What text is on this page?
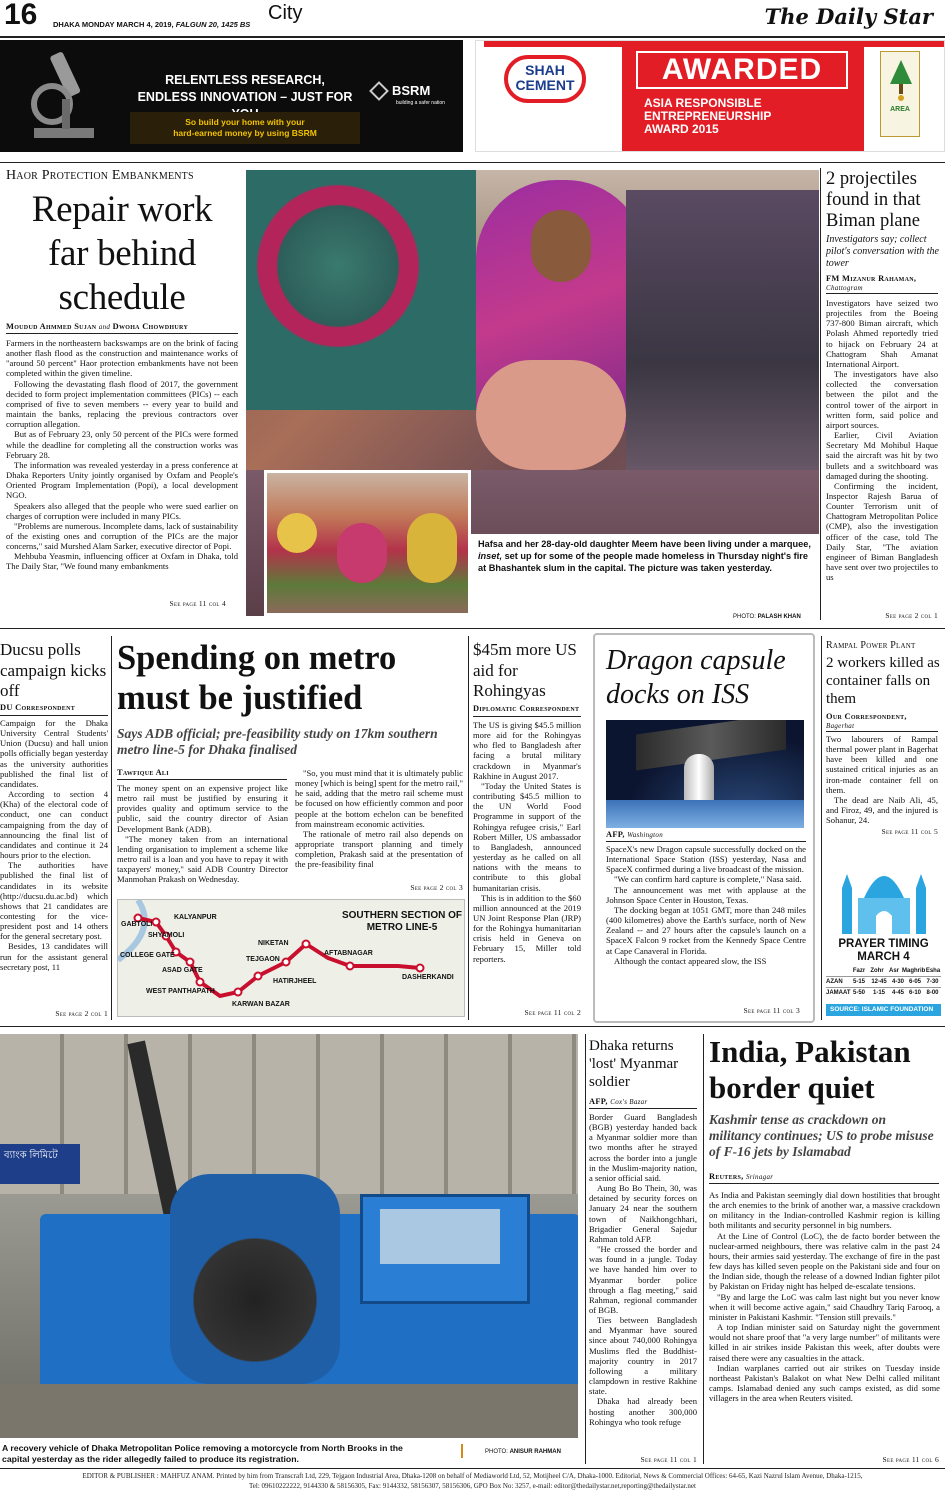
16 DHAKA MONDAY MARCH 4, 2019, FALGUN 20, 1425 BS
City	The Daily Star
RELENTLESS RESEARCH,
ENDLESS INNOVATION – JUST FOR
So build your home with your
hard-earned money by using BSRM
BSRM
building a safer nation
SHAH
CEMENT	AWARDED
ASIA RESPONSIBLE
ENTREPRENEURSHIP
AWARD 2015
AREA
Haor Protection Embankments
Repair work
far behind
schedule
Moudud Ahmmed Sujan and Dwoha Chowdhury

Farmers in the northeastern backswamps are on the brink of facing another flash flood as the construction and maintenance works of "around 50 percent" Haor protection embankments have not been completed within the given timeline.

Following the devastating flash flood of 2017, the government decided to form project implementation committees (PICs) -- each comprised of five to seven members -- every year to build and maintain the banks, replacing the previous contractors over corruption allegation.

But as of February 23, only 50 percent of the PICs were formed while the deadline for completing all the construction works was February 28.

The information was revealed yesterday in a press conference at Dhaka Reporters Unity jointly organised by Oxfam and People's Oriented Program Implementation (Popi), a local development NGO.

Speakers also alleged that the people who were sued earlier on charges of corruption were included in many PICs.

"Problems are numerous. Incomplete dams, lack of sustainability of the existing ones and corruption of the PICs are the major concerns," said Murshed Alam Sarker, executive director of Popi.

Mehbuba Yeasmin, influencing officer at Oxfam in Dhaka, told The Daily Star, "We found many embankments

See page 11 col 4
Hafsa and her 28-day-old daughter Meem have been living under a marquee, inset, set up for some of the people made homeless in Thursday night's fire at Bhashantek slum in the capital. The picture was taken yesterday.
PHOTO: PALASH KHAN
2 projectiles found in that Biman plane
Investigators say; collect pilot's conversation with the tower
FM Mizanur Rahaman,
Chattogram

Investigators have seized two projectiles from the Boeing 737-800 Biman aircraft, which Polash Ahmed reportedly tried to hijack on February 24 at Chattogram Shah Amanat International Airport.

The investigators have also collected the conversation between the pilot and the control tower of the airport in written form, said police and airport sources.

Earlier, Civil Aviation Secretary Md Mohibul Haque said the aircraft was hit by two bullets and a switchboard was damaged during the shooting.

Confirming the incident, Inspector Rajesh Barua of Counter Terrorism unit of Chattogram Metropolitan Police (CMP), also the investigation officer of the case, told The Daily Star, "The aviation engineer of Biman Bangladesh have sent over two projectiles to us

See page 2 col 1
Ducsu polls campaign kicks off
DU Correspondent

Campaign for the Dhaka University Central Students' Union (Ducsu) and hall union polls officially began yesterday as the university authorities published the final list of candidates.

According to section 4 (Kha) of the electoral code of conduct, one can conduct campaigning from the day of announcing the final list of candidates and continue it 24 hours prior to the election.

The authorities have published the final list of candidates in its website (http://ducsu.du.ac.bd) which shows that 21 candidates are contesting for the vice-president post and 14 others for the general secretary post.

Besides, 13 candidates will run for the assistant general secretary post, 11

See page 2 col 1
Spending on metro
must be justified
Says ADB official; pre-feasibility study on 17km southern metro line-5 for Dhaka finalised
Tawfique Ali

The money spent on an expensive project like metro rail must be justified by ensuring it provides quality and optimum service to the public, said the country director of Asian Development Bank (ADB).

"The money taken from an international lending organisation to implement a scheme like metro rail is a loan and you have to repay it with taxpayers' money," said ADB Country Director Manmohan Prakash on Wednesday.

"So, you must mind that it is ultimately public money [which is being] spent for the metro rail," he said, adding that the metro rail scheme must be focused on how efficiently common and poor people at the bottom echelon can be benefited from mainstream economic activities.

The rationale of metro rail also depends on appropriate transport planning and timely completion, Prakash said at the presentation of the pre-feasibility final

See page 2 col 3
SOUTHERN SECTION OF
METRO LINE-5
GABTOLI
KALYANPUR
SHYAMOLI
COLLEGE GATE
ASAD GATE
WEST PANTHAPATH
KARWAN BAZAR
HATIRJHEEL
TEJGAON
NIKETAN
AFTABNAGAR
DASHERKANDI
$45m more US aid for Rohingyas
Diplomatic Correspondent

The US is giving $45.5 million more aid for the Rohingyas who fled to Bangladesh after facing a brutal military crackdown in Myanmar's Rakhine in August 2017.

"Today the United States is contributing $45.5 million to the UN World Food Programme in support of the Rohingya refugee crisis," Earl Robert Miller, US ambassador to Bangladesh, announced yesterday as he called on all nations with the means to contribute to this global humanitarian crisis.

This is in addition to the $60 million announced at the 2019 UN Joint Response Plan (JRP) for the Rohingya humanitarian crisis held in Geneva on February 15, Miller told reporters.

See page 11 col 2
Dragon capsule
docks on ISS
AFP, Washington

SpaceX's new Dragon capsule successfully docked on the International Space Station (ISS) yesterday, Nasa and SpaceX confirmed during a live broadcast of the mission.

"We can confirm hard capture is complete," Nasa said.

The announcement was met with applause at the Johnson Space Center in Houston, Texas.

The docking began at 1051 GMT, more than 248 miles (400 kilometres) above the Earth's surface, north of New Zealand -- and 27 hours after the capsule's launch on a SpaceX Falcon 9 rocket from the Kennedy Space Centre at Cape Canaveral in Florida.

Although the contact appeared slow, the ISS

See page 11 col 3
Rampal Power Plant
2 workers killed as container falls on them
Our Correspondent,
Bagerhat

Two labourers of Rampal thermal power plant in Bagerhat have been killed and one sustained critical injuries as an iron-made container fell on them.

The dead are Naib Ali, 45, and Firoz, 49, and the injured is Sohanur, 24.

See page 11 col 5
PRAYER TIMING
MARCH 4
Fazr Zohr Asr Maghrib Esha
AZAN	5-15	12-45 4-30 6-05 7-30
JAMAAT 5-50	1-15	4-45 6-10 8-00
SOURCE: ISLAMIC FOUNDATION
ব্যাংক লিমিটে
A recovery vehicle of Dhaka Metropolitan Police removing a motorcycle from North Brooks in the capital yesterday as the rider allegedly failed to produce its registration.
PHOTO: ANISUR RAHMAN
Dhaka returns 'lost' Myanmar soldier
AFP, Cox's Bazar

Border Guard Bangladesh (BGB) yesterday handed back a Myanmar soldier more than two months after he strayed across the border into a jungle in the Muslim-majority nation, a senior official said.

Aung Bo Bo Thein, 30, was detained by security forces on January 24 near the southern town of Naikhongchhari, Brigadier General Sajedur Rahman told AFP.

"He crossed the border and was found in a jungle. Today we have handed him over to Myanmar border police through a flag meeting," said Rahman, regional commander of BGB.

Ties between Bangladesh and Myanmar have soured since about 740,000 Rohingya Muslims fled the Buddhist-majority country in 2017 following a military clampdown in restive Rakhine state.

Dhaka had already been hosting another 300,000 Rohingya who took refuge

See page 11 col 1
India, Pakistan
border quiet
Kashmir tense as crackdown on militancy continues; US to probe misuse of F-16 jets by Islamabad
Reuters, Srinagar

As India and Pakistan seemingly dial down hostilities that brought the arch enemies to the brink of another war, a massive crackdown on militancy in the Indian-controlled Kashmir region is killing both militants and security personnel in big numbers.

At the Line of Control (LoC), the de facto border between the nuclear-armed neighbours, there was relative calm in the past 24 hours, their armies said yesterday. The exchange of fire in the past few days has killed seven people on the Pakistani side and four on the Indian side, though the release of a downed Indian fighter pilot by Pakistan on Friday night has helped de-escalate tensions.

"By and large the LoC was calm last night but you never know when it will become active again," said Chaudhry Tariq Farooq, a minister in Pakistani Kashmir. "Tension still prevails."

A top Indian minister said on Saturday night the government would not share proof that "a very large number" of militants were killed in air strikes inside Pakistan this week, after doubts were raised there were any casualties in the attack.

Indian warplanes carried out air strikes on Tuesday inside northeast Pakistan's Balakot on what New Delhi called militant camps. Islamabad denied any such camps existed, as did some villagers in the area when Reuters visited.

See page 11 col 6
EDITOR & PUBLISHER : MAHFUZ ANAM. Printed by him from Transcraft Ltd, 229, Tejgaon Industrial Area, Dhaka-1208 on behalf of Mediaworld Ltd, 52, Motijheel C/A, Dhaka-1000. Editorial, News & Commercial Offices: 64-65, Kazi Nazrul Islam Avenue, Dhaka-1215,
Tel: 09610222222, 9144330 & 58156305, Fax: 9144332, 58156307, 58156306, GPO Box No: 3257, e-mail: editor@thedailystar.net,reporting@thedailystar.net
